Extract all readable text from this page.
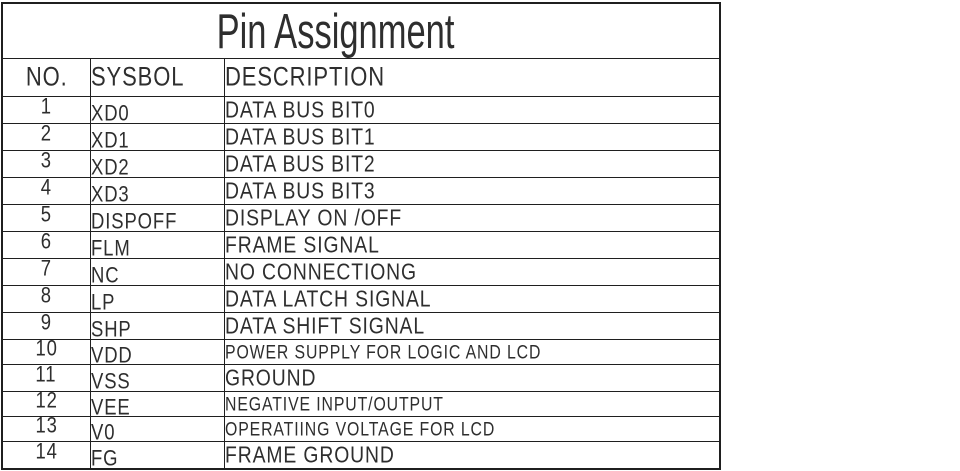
Pin Assignment		
NO.	SYSBOL	DESCRIPTION
1	XD0	DATA BUS BIT0
2	XD1	DATA BUS BIT1
3	XD2	DATA BUS BIT2
4	XD3	DATA BUS BIT3
5	DISPOFF	DISPLAY ON /OFF
6	FLM	FRAME SIGNAL
7	NC	NO CONNECTIONG
8	LP	DATA LATCH SIGNAL
9	SHP	DATA SHIFT SIGNAL
10	VDD	POWER SUPPLY FOR LOGIC AND LCD
11	VSS	GROUND
12	VEE	NEGATIVE INPUT/OUTPUT
13	V0	OPERATIING VOLTAGE FOR LCD
14	FG	FRAME GROUND
